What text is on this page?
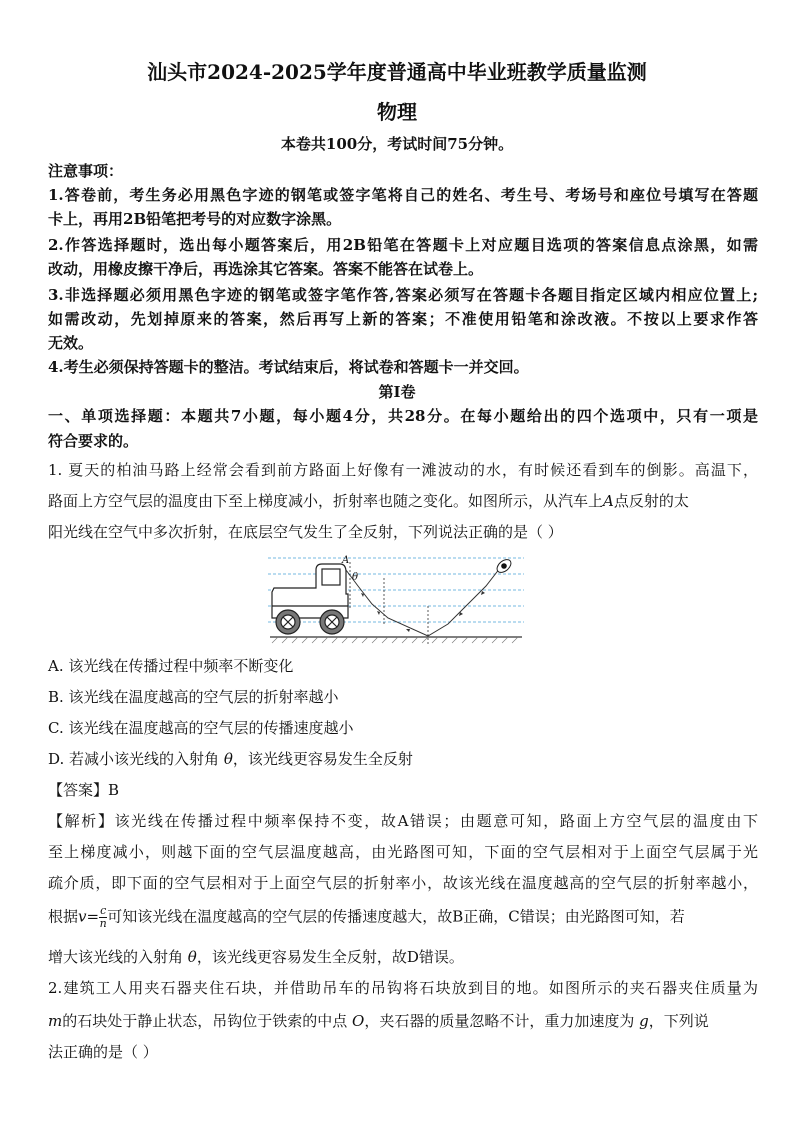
汕头市2024-2025学年度普通高中毕业班教学质量监测
物理
本卷共100分，考试时间75分钟。
注意事项：
1.答卷前，考生务必用黑色字迹的钢笔或签字笔将自己的姓名、考生号、考场号和座位号填写在答题
卡上，再用2B铅笔把考号的对应数字涂黑。
2.作答选择题时，选出每小题答案后，用2B铅笔在答题卡上对应题目选项的答案信息点涂黑，如需
改动，用橡皮擦干净后，再选涂其它答案。答案不能答在试卷上。
3.非选择题必须用黑色字迹的钢笔或签字笔作答,答案必须写在答题卡各题目指定区域内相应位置上;
如需改动，先划掉原来的答案，然后再写上新的答案；不准使用铅笔和涂改液。不按以上要求作答
无效。
4.考生必须保持答题卡的整洁。考试结束后，将试卷和答题卡一并交回。
第Ⅰ卷
一、单项选择题：本题共7小题，每小题4分，共28分。在每小题给出的四个选项中，只有一项是
符合要求的。
1. 夏天的柏油马路上经常会看到前方路面上好像有一滩波动的水，有时候还看到车的倒影。高温下，
路面上方空气层的温度由下至上梯度减小，折射率也随之变化。如图所示，从汽车上A点反射的太
阳光线在空气中多次折射，在底层空气发生了全反射，下列说法正确的是（ ）
A
θ
A. 该光线在传播过程中频率不断变化
B. 该光线在温度越高的空气层的折射率越小
C. 该光线在温度越高的空气层的传播速度越小
D. 若减小该光线的入射角 θ，该光线更容易发生全反射
【答案】B
【解析】该光线在传播过程中频率保持不变，故A错误；由题意可知，路面上方空气层的温度由下
至上梯度减小，则越下面的空气层温度越高，由光路图可知，下面的空气层相对于上面空气层属于光
疏介质，即下面的空气层相对于上面空气层的折射率小，故该光线在温度越高的空气层的折射率越小，
根据$v= \frac{c}{n}$ 可知该光线在温度越高的空气层的传播速度越大，故B正确，C错误；由光路图可知，若
增大该光线的入射角 θ，该光线更容易发生全反射，故D错误。
2.建筑工人用夹石器夹住石块，并借助吊车的吊钩将石块放到目的地。如图所示的夹石器夹住质量为
m的石块处于静止状态，吊钩位于铁索的中点 O，夹石器的质量忽略不计，重力加速度为 g，下列说
法正确的是（ ）
